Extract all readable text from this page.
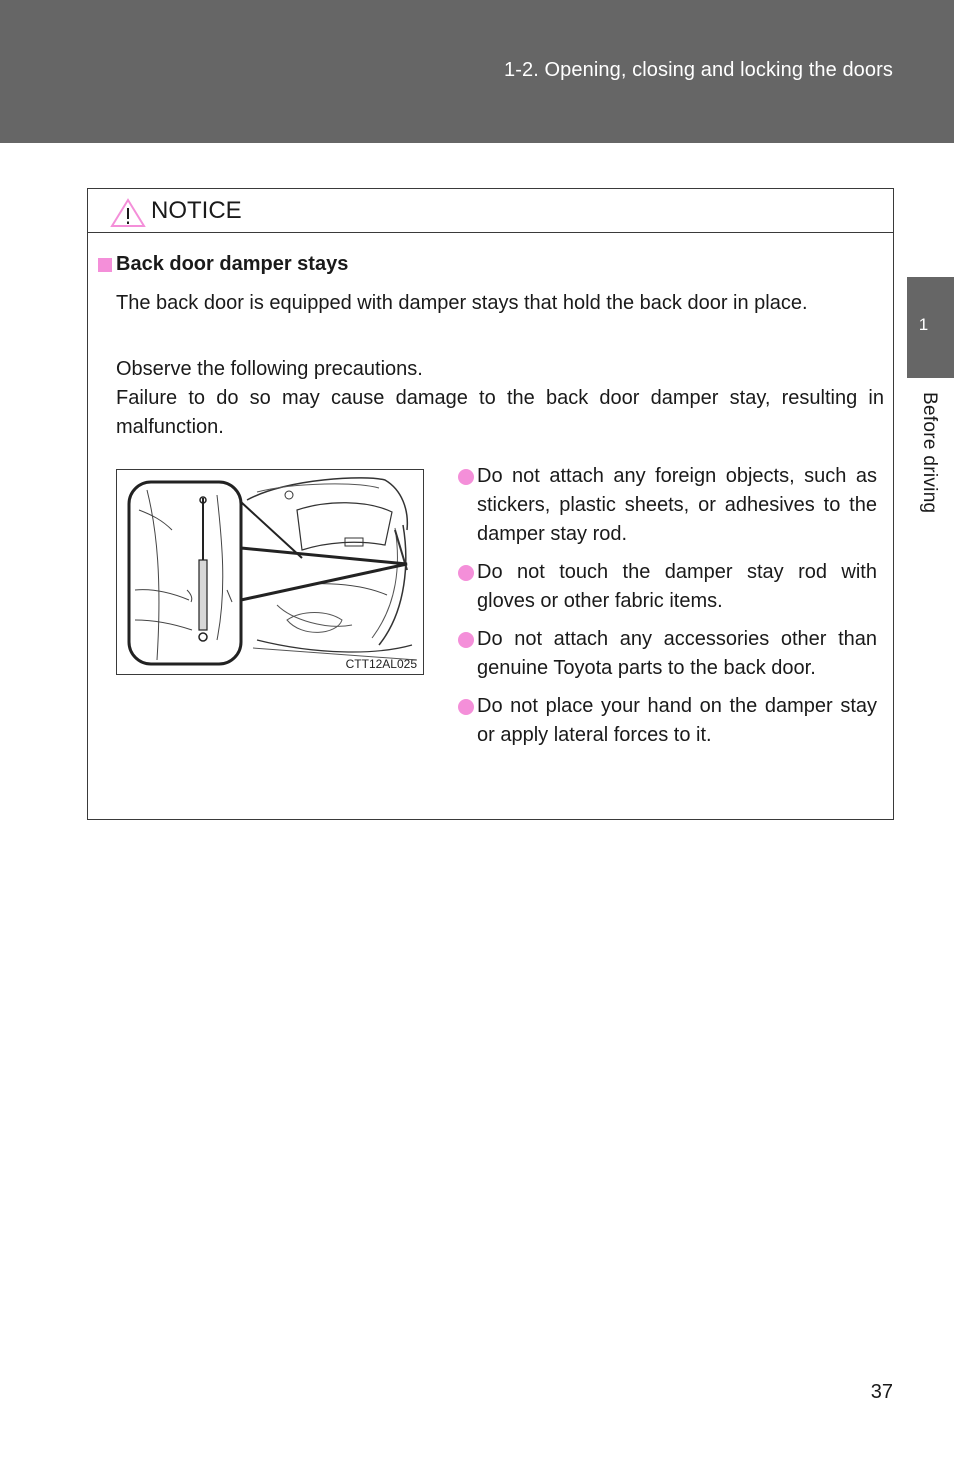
1-2. Opening, closing and locking the doors
1
Before driving
NOTICE
Back door damper stays
The back door is equipped with damper stays that hold the back door in place.
Observe the following precautions.
Failure to do so may cause damage to the back door damper stay, resulting in malfunction.
CTT12AL025
Do not attach any foreign objects, such as stickers, plastic sheets, or adhesives to the damper stay rod.
Do not touch the damper stay rod with gloves or other fabric items.
Do not attach any accessories other than genuine Toyota parts to the back door.
Do not place your hand on the damper stay or apply lateral forces to it.
37
